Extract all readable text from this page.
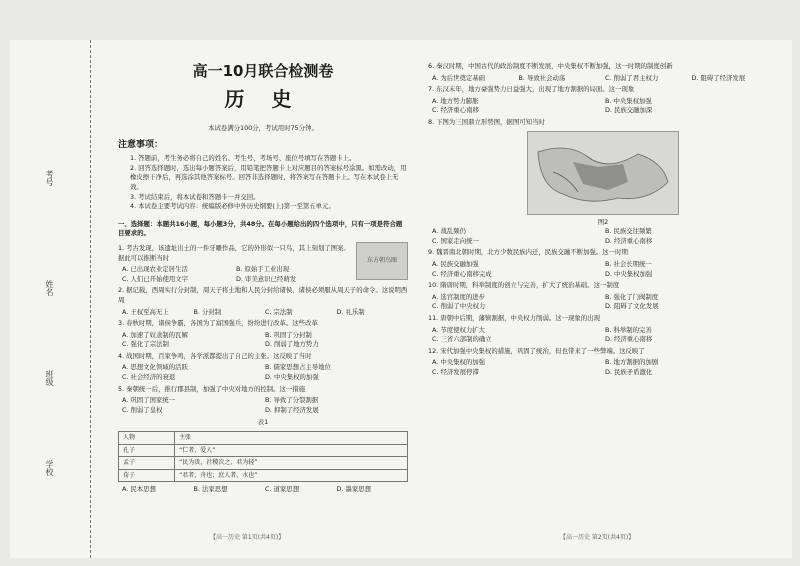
考号
姓名
班级
学校
高一10月联合检测卷
历 史
本试卷满分100分，考试用时75分钟。
注意事项：

1. 答题前，考生务必将自己的姓名、考生号、考场号、座位号填写在答题卡上。

2. 回答选择题时，选出每小题答案后，用铅笔把答题卡上对应题目的答案标号涂黑。如需改动，用橡皮擦干净后，再选涂其他答案标号。回答非选择题时，将答案写在答题卡上。写在本试卷上无效。

3. 考试结束后，将本试卷和答题卡一并交回。

4. 本试卷主要考试内容：统编版必修中外历史纲要(上)第一至第五单元。

一、选择题：本题共16小题，每小题3分，共48分。在每小题给出的四个选项中，只有一项是符合题目要求的。
1. 考古发现，该遗址出土的一件牙雕作品，它的外形似一只鸟，其上刻划了图案。据此可以推断当时
A. 已出现农业定居生活	B. 原始手工业出现
C. 人们已开始使用文字	D. 审美意识已经萌发
东方朝鸟图
2. 据记载，西周实行分封制，周天子将土地和人民分封给诸侯，诸侯必须服从周天子的命令。这说明西周
A. 王权至高无上	B. 分封制	C. 宗法制	D. 礼乐制
3. 春秋时期，诸侯争霸，各国为了富国强兵，纷纷进行改革。这些改革
A. 加速了奴隶制的瓦解	B. 巩固了分封制
C. 强化了宗法制	D. 削弱了地方势力
4. 战国时期，百家争鸣，各学派都提出了自己的主张。这反映了当时
A. 思想文化领域的活跃	B. 儒家思想占主导地位
C. 社会经济的衰退	D. 中央集权的加强
5. 秦朝统一后，推行郡县制，加强了中央对地方的控制。这一措施
A. 巩固了国家统一	B. 导致了分裂割据
C. 削弱了皇权	D. 抑制了经济发展
表1
人物	主张
孔子	“仁者，爱人”
孟子	“民为贵，社稷次之，君为轻”
荀子	“君者，舟也；庶人者，水也”
A. 民本思想	B. 法家思想	C. 道家思想	D. 墨家思想
6. 秦汉时期，中国古代的政治制度不断发展，中央集权不断加强，这一时期的制度创新
A. 为后世奠定基础	B. 导致社会动荡	C. 削弱了君主权力	D. 阻碍了经济发展
7. 东汉末年，地方豪强势力日益强大，出现了地方割据的局面。这一现象
A. 地方势力膨胀	B. 中央集权加强
C. 经济重心南移	D. 民族交融加深
8. 下图为三国鼎立形势图，据图可知当时
图2
A. 战乱频仍	B. 民族交往频繁
C. 国家走向统一	D. 经济重心南移
9. 魏晋南北朝时期，北方少数民族内迁，民族交融不断加强。这一时期
A. 民族交融加强	B. 社会长期统一
C. 经济重心南移完成	D. 中央集权加强
10. 隋唐时期，科举制度的创立与完善，扩大了统治基础。这一制度
A. 选官制度的进步	B. 强化了门阀制度
C. 削弱了中央权力	D. 阻碍了文化发展
11. 唐朝中后期，藩镇割据，中央权力削弱。这一现象的出现
A. 节度使权力扩大	B. 科举制的完善
C. 三省六部制的确立	D. 经济重心南移
12. 宋代加强中央集权的措施，巩固了统治，但也带来了一些弊端。这反映了
A. 中央集权的加强	B. 地方割据的加剧
C. 经济发展停滞	D. 民族矛盾激化
【高一历史 第1页(共4页)】	【高一历史 第2页(共4页)】
